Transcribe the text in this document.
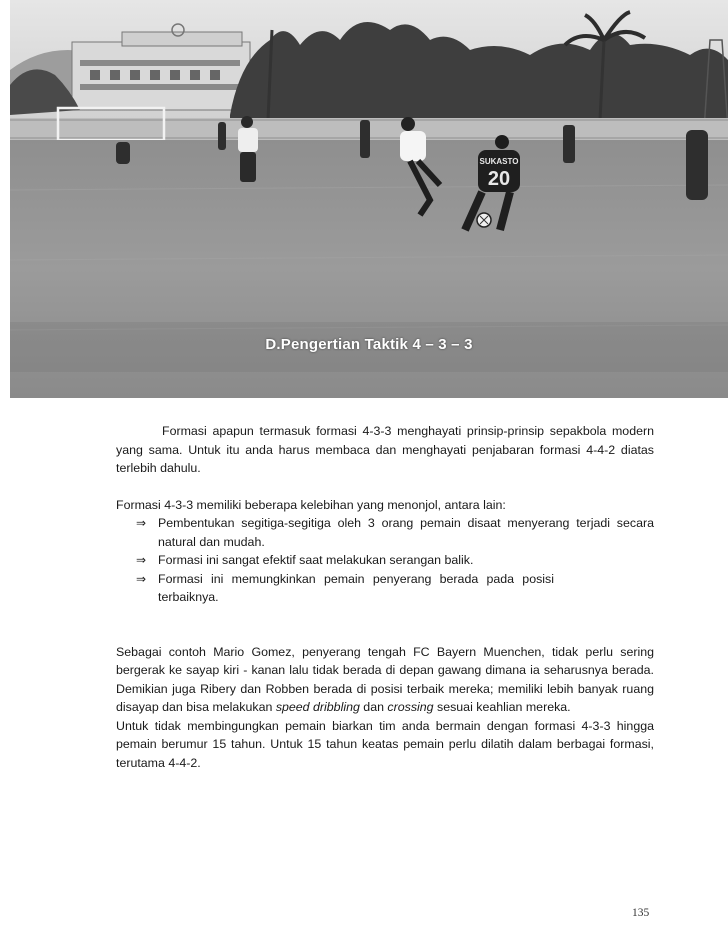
SUKASTO
20
D.Pengertian Taktik 4 – 3 – 3

Formasi apapun termasuk formasi 4-3-3 menghayati prinsip-prinsip sepakbola modern yang sama. Untuk itu anda harus membaca dan menghayati penjabaran formasi 4-4-2 diatas terlebih dahulu.

Formasi 4-3-3 memiliki beberapa kelebihan yang menonjol, antara lain:

⇒ Pembentukan segitiga-segitiga oleh 3 orang pemain disaat menyerang terjadi secara natural dan mudah.
⇒ Formasi ini sangat efektif saat melakukan serangan balik.
⇒ Formasi ini memungkinkan pemain penyerang berada pada posisi terbaiknya.

Sebagai contoh Mario Gomez, penyerang tengah FC Bayern Muenchen, tidak perlu sering bergerak ke sayap kiri - kanan lalu tidak berada di depan gawang dimana ia seharusnya berada. Demikian juga Ribery dan Robben berada di posisi terbaik mereka; memiliki lebih banyak ruang disayap dan bisa melakukan speed dribbling dan crossing sesuai keahlian mereka.

Untuk tidak membingungkan pemain biarkan tim anda bermain dengan formasi 4-3-3 hingga pemain berumur 15 tahun. Untuk 15 tahun keatas pemain perlu dilatih dalam berbagai formasi, terutama 4-4-2.

135
